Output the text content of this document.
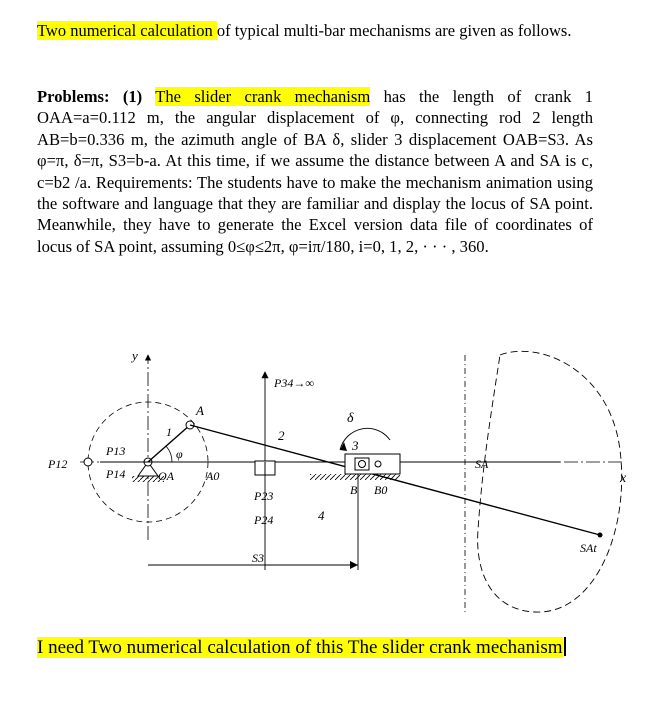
Two numerical calculation of typical multi-bar mechanisms are given as follows.
Problems: (1) The slider crank mechanism has the length of crank 1 OAA=a=0.112 m, the angular displacement of φ, connecting rod 2 length AB=b=0.336 m, the azimuth angle of BA δ, slider 3 displacement OAB=S3. As φ=π, δ=π, S3=b-a. At this time, if we assume the distance between A and SA is c, c=b2 /a. Requirements: The students have to make the mechanism animation using the software and language that they are familiar and display the locus of SA point. Meanwhile, they have to generate the Excel version data file of coordinates of locus of SA point, assuming 0≤φ≤2π, φ=iπ/180, i=0, 1, 2, · · · , 360.
y
x
P34→∞
P12
P13
P14	OA	A0
A
φ
1	2
3
4
δ
P23
P24
S3
B B0
SA
SAt
I need Two numerical calculation of this The slider crank mechanism
